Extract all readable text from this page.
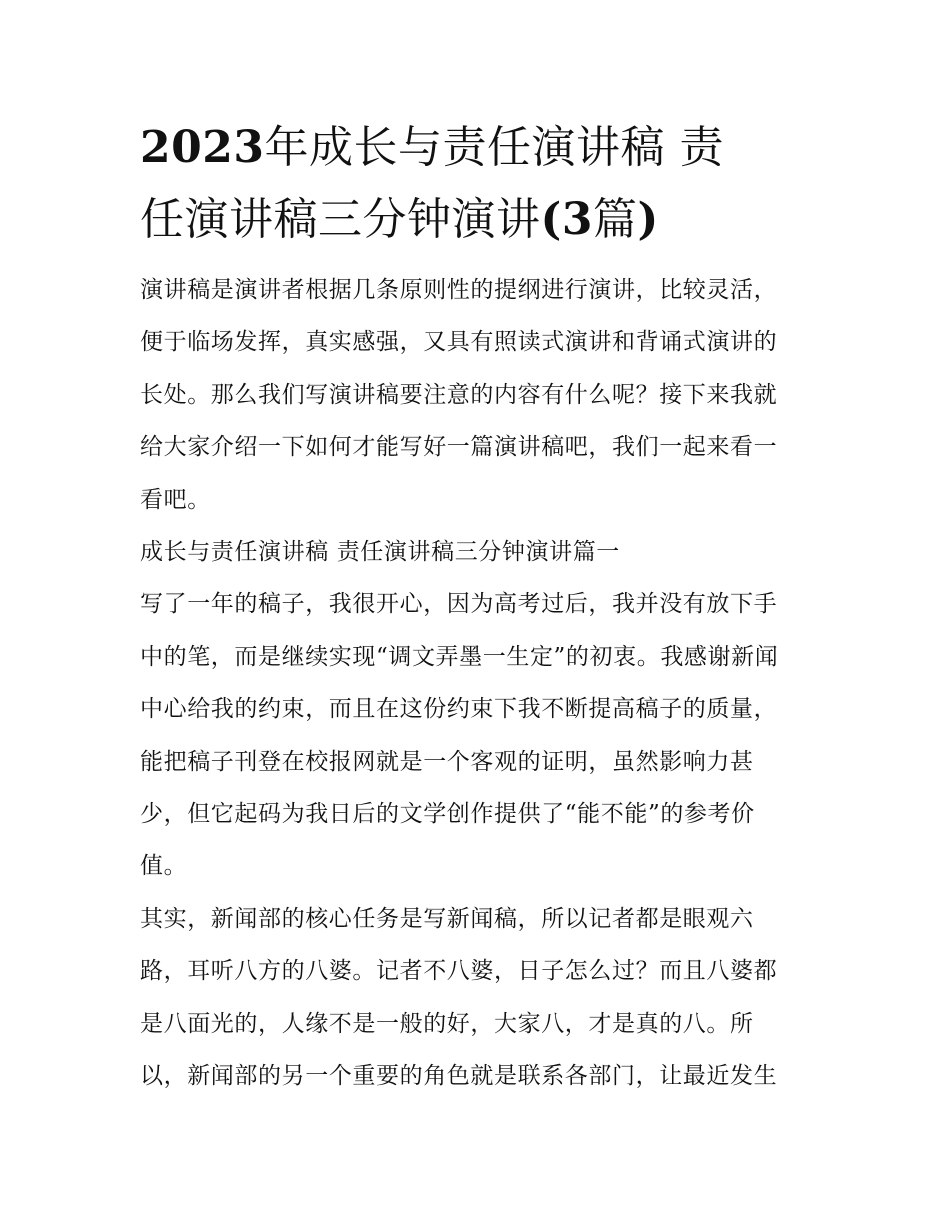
2023年成长与责任演讲稿 责
任演讲稿三分钟演讲(3篇)
演讲稿是演讲者根据几条原则性的提纲进行演讲，比较灵活，
便于临场发挥，真实感强，又具有照读式演讲和背诵式演讲的
长处。那么我们写演讲稿要注意的内容有什么呢？接下来我就
给大家介绍一下如何才能写好一篇演讲稿吧，我们一起来看一
看吧。
成长与责任演讲稿 责任演讲稿三分钟演讲篇一
写了一年的稿子，我很开心，因为高考过后，我并没有放下手
中的笔，而是继续实现“调文弄墨一生定”的初衷。我感谢新闻
中心给我的约束，而且在这份约束下我不断提高稿子的质量，
能把稿子刊登在校报网就是一个客观的证明，虽然影响力甚
少，但它起码为我日后的文学创作提供了“能不能”的参考价
值。
其实，新闻部的核心任务是写新闻稿，所以记者都是眼观六
路，耳听八方的八婆。记者不八婆，日子怎么过？而且八婆都
是八面光的，人缘不是一般的好，大家八，才是真的八。所
以，新闻部的另一个重要的角色就是联系各部门，让最近发生
